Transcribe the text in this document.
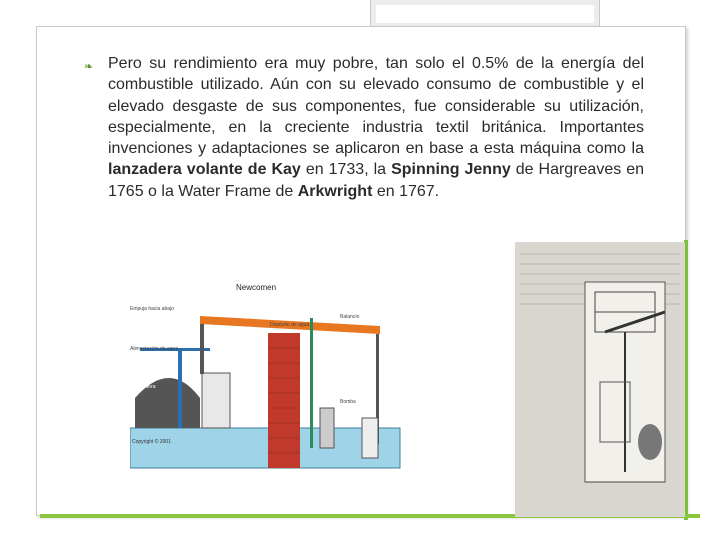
❧ Pero su rendimiento era muy pobre, tan solo el 0.5% de la energía del combustible utilizado. Aún con su elevado consumo de combustible y el elevado desgaste de sus componentes, fue considerable su utilización, especialmente, en la creciente industria textil británica. Importantes invenciones y adaptaciones se aplicaron en base a esta máquina como la lanzadera volante de Kay en 1733, la Spinning Jenny de Hargreaves en 1765 o la Water Frame de Arkwright en 1767.
Newcomen
Empuja hacia abajo
Alimentación de agua
Caldera
Depósito de agua
Balancín
Bomba
Copyright © 2001
